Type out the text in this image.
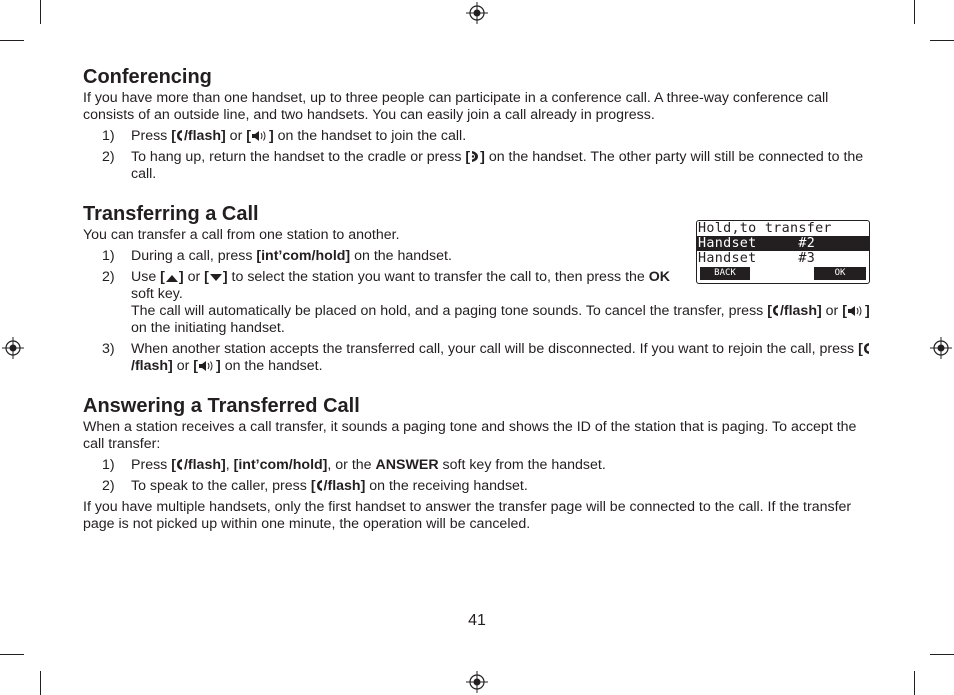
Conferencing

If you have more than one handset, up to three people can participate in a conference call. A three-way conference call consists of an outside line, and two handsets. You can easily join a call already in progress.

1) Press [ /flash] or [ ] on the handset to join the call.
2) To hang up, return the handset to the cradle or press [ ] on the handset. The other party will still be connected to the call.
Transferring a Call

You can transfer a call from one station to another.

1) During a call, press [int’com/hold] on the handset.
2) Use [ ] or [ ] to select the station you want to transfer the call to, then press the OK soft key.
The call will automatically be placed on hold, and a paging tone sounds. To cancel the transfer, press [ /flash] or [ ] on the initiating handset.
3) When another station accepts the transferred call, your call will be disconnected. If you want to rejoin the call, press [/flash] or [ ] on the handset.
Answering a Transferred Call

When a station receives a call transfer, it sounds a paging tone and shows the ID of the station that is paging. To accept the call transfer:

1) Press [ /flash], [int’com/hold], or the ANSWER soft key from the handset.
2) To speak to the caller, press [ /flash] on the receiving handset.

If you have multiple handsets, only the first handset to answer the transfer page will be connected to the call. If the transfer page is not picked up within one minute, the operation will be canceled.

Hold,to transfer
Handset     #2
Handset     #3
BACK	OK
41
